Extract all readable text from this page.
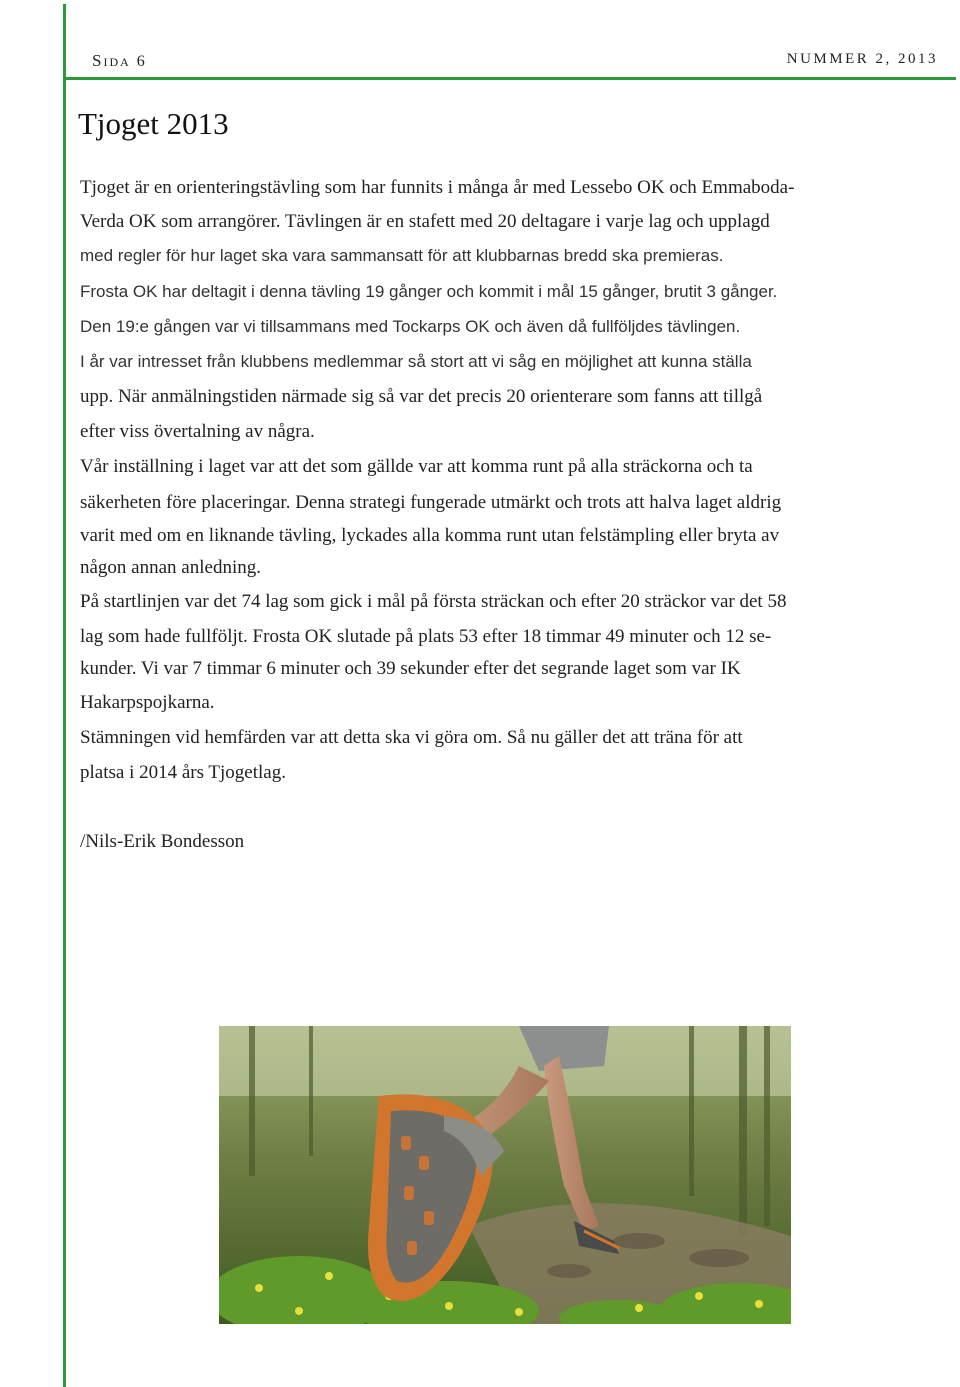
SIDA 6	NUMMER 2, 2013
Tjoget 2013
Tjoget är en orienteringstävling som har funnits i många år med Lessebo OK och Emmaboda-
Verda OK som arrangörer. Tävlingen är en stafett med 20 deltagare i varje lag och upplagd
med regler för hur laget ska vara sammansatt för att klubbarnas bredd ska premieras.
Frosta OK har deltagit i denna tävling 19 gånger och kommit i mål 15 gånger, brutit 3 gånger.
Den 19:e gången var vi tillsammans med Tockarps OK och även då fullföljdes tävlingen.
I år var intresset från klubbens medlemmar så stort att vi såg en möjlighet att kunna ställa
upp. När anmälningstiden närmade sig så var det precis 20 orienterare som fanns att tillgå
efter viss övertalning av några.
Vår inställning i laget var att det som gällde var att komma runt på alla sträckorna och ta
säkerheten före placeringar. Denna strategi fungerade utmärkt och trots att halva laget aldrig
varit med om en liknande tävling, lyckades alla komma runt utan felstämpling eller bryta av
någon annan anledning.
På startlinjen var det 74 lag som gick i mål på första sträckan och efter 20 sträckor var det 58
lag som hade fullföljt. Frosta OK slutade på plats 53 efter 18 timmar 49 minuter och 12 se-
kunder. Vi var 7 timmar 6 minuter och 39 sekunder efter det segrande laget som var IK
Hakarpspojkarna.
Stämningen vid hemfärden var att detta ska vi göra om. Så nu gäller det att träna för att
platsa i 2014 års Tjogetlag.
/Nils-Erik Bondesson
